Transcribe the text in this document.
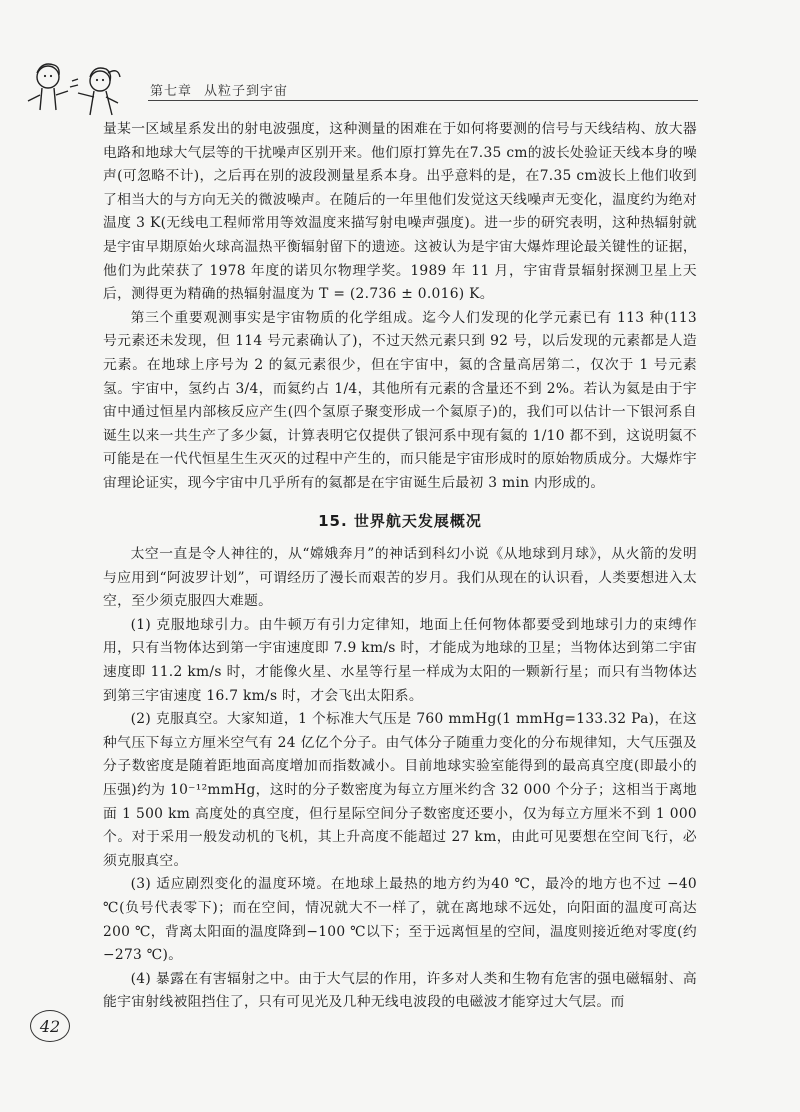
第七章 从粒子到宇宙

量某一区域星系发出的射电波强度，这种测量的困难在于如何将要测的信号与天线结构、放大器电路和地球大气层等的干扰噪声区别开来。他们原打算先在7.35 cm的波长处验证天线本身的噪声(可忽略不计)，之后再在别的波段测量星系本身。出乎意料的是，在7.35 cm波长上他们收到了相当大的与方向无关的微波噪声。在随后的一年里他们发觉这天线噪声无变化，温度约为绝对温度 3 K(无线电工程师常用等效温度来描写射电噪声强度)。进一步的研究表明，这种热辐射就是宇宙早期原始火球高温热平衡辐射留下的遗迹。这被认为是宇宙大爆炸理论最关键性的证据，他们为此荣获了 1978 年度的诺贝尔物理学奖。1989 年 11 月，宇宙背景辐射探测卫星上天后，测得更为精确的热辐射温度为 T = (2.736 ± 0.016) K。

第三个重要观测事实是宇宙物质的化学组成。迄今人们发现的化学元素已有 113 种(113 号元素还未发现，但 114 号元素确认了)，不过天然元素只到 92 号，以后发现的元素都是人造元素。在地球上序号为 2 的氦元素很少，但在宇宙中，氦的含量高居第二，仅次于 1 号元素氢。宇宙中，氢约占 3/4，而氦约占 1/4，其他所有元素的含量还不到 2%。若认为氦是由于宇宙中通过恒星内部核反应产生(四个氢原子聚变形成一个氦原子)的，我们可以估计一下银河系自诞生以来一共生产了多少氦，计算表明它仅提供了银河系中现有氦的 1/10 都不到，这说明氦不可能是在一代代恒星生生灭灭的过程中产生的，而只能是宇宙形成时的原始物质成分。大爆炸宇宙理论证实，现今宇宙中几乎所有的氦都是在宇宙诞生后最初 3 min 内形成的。

15. 世界航天发展概况

太空一直是令人神往的，从“嫦娥奔月”的神话到科幻小说《从地球到月球》，从火箭的发明与应用到“阿波罗计划”，可谓经历了漫长而艰苦的岁月。我们从现在的认识看，人类要想进入太空，至少须克服四大难题。

(1) 克服地球引力。由牛顿万有引力定律知，地面上任何物体都要受到地球引力的束缚作用，只有当物体达到第一宇宙速度即 7.9 km/s 时，才能成为地球的卫星；当物体达到第二宇宙速度即 11.2 km/s 时，才能像火星、水星等行星一样成为太阳的一颗新行星；而只有当物体达到第三宇宙速度 16.7 km/s 时，才会飞出太阳系。

(2) 克服真空。大家知道，1 个标准大气压是 760 mmHg(1 mmHg=133.32 Pa)，在这种气压下每立方厘米空气有 24 亿亿个分子。由气体分子随重力变化的分布规律知，大气压强及分子数密度是随着距地面高度增加而指数减小。目前地球实验室能得到的最高真空度(即最小的压强)约为 10⁻¹²mmHg，这时的分子数密度为每立方厘米约含 32 000 个分子；这相当于离地面 1 500 km 高度处的真空度，但行星际空间分子数密度还要小，仅为每立方厘米不到 1 000 个。对于采用一般发动机的飞机，其上升高度不能超过 27 km，由此可见要想在空间飞行，必须克服真空。

(3) 适应剧烈变化的温度环境。在地球上最热的地方约为40 ℃，最冷的地方也不过 −40 ℃(负号代表零下)；而在空间，情况就大不一样了，就在离地球不远处，向阳面的温度可高达200 ℃，背离太阳面的温度降到−100 ℃以下；至于远离恒星的空间，温度则接近绝对零度(约−273 ℃)。

(4) 暴露在有害辐射之中。由于大气层的作用，许多对人类和生物有危害的强电磁辐射、高能宇宙射线被阻挡住了，只有可见光及几种无线电波段的电磁波才能穿过大气层。而

42
